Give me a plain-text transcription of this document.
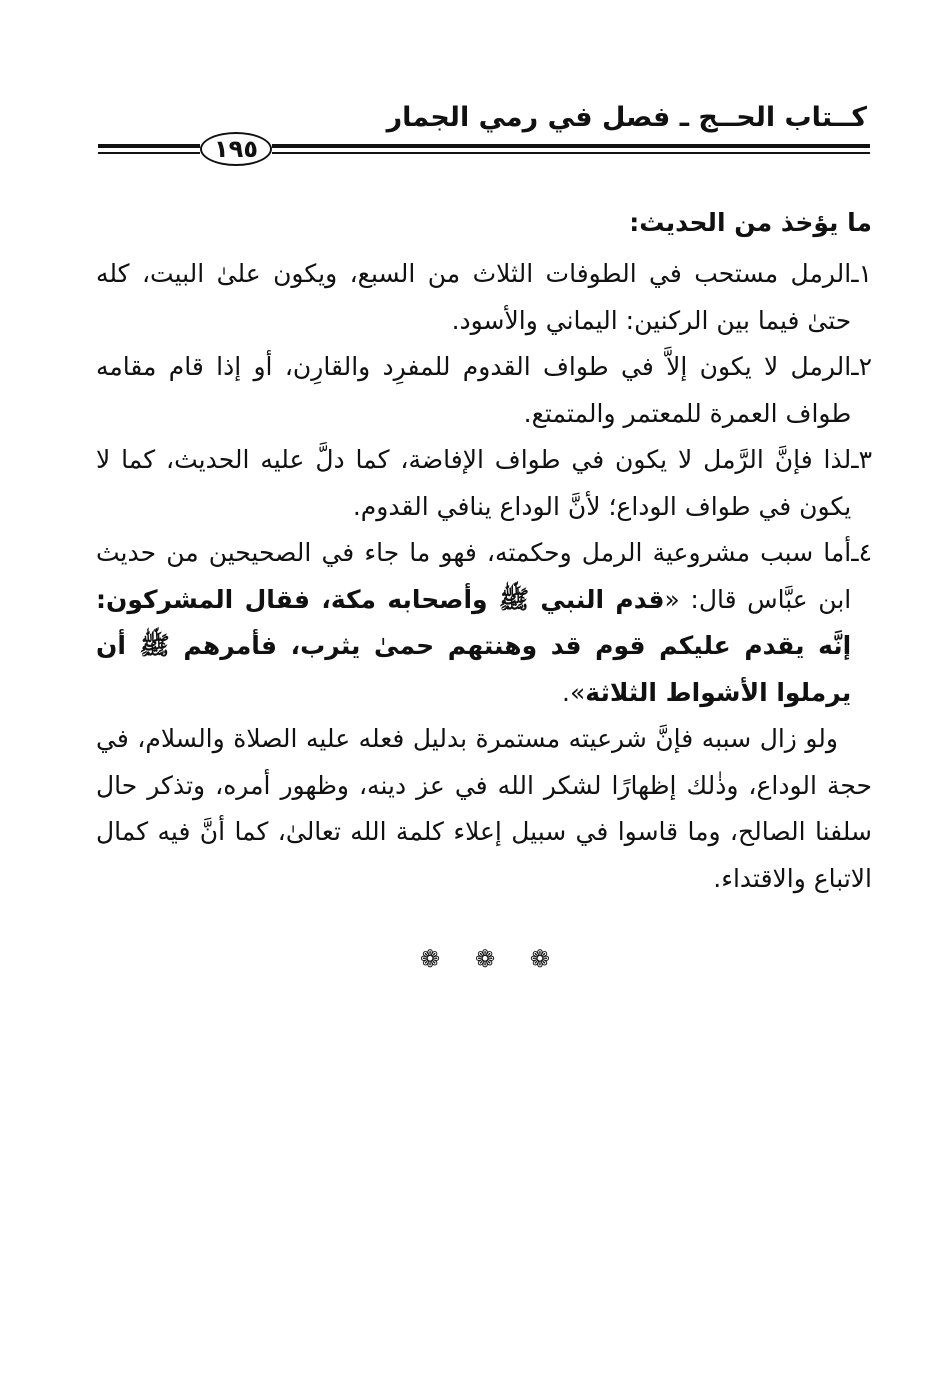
كــتاب الحــج ـ فصل في رمي الجمار
١٩٥
ما يؤخذ من الحديث:
١ـ
الرمل مستحب في الطوفات الثلاث من السبع، ويكون علىٰ البيت، كله حتىٰ فيما بين الركنين: اليماني والأسود.
٢ـ
الرمل لا يكون إلاَّ في طواف القدوم للمفرِد والقارِن، أو إذا قام مقامه طواف العمرة للمعتمر والمتمتع.
٣ـ
لذا فإنَّ الرَّمل لا يكون في طواف الإفاضة، كما دلَّ عليه الحديث، كما لا يكون في طواف الوداع؛ لأنَّ الوداع ينافي القدوم.
٤ـ
أما سبب مشروعية الرمل وحكمته، فهو ما جاء في الصحيحين من حديث ابن عبَّاس قال: «قدم النبي ﷺ وأصحابه مكة، فقال المشركون: إنَّه يقدم عليكم قوم قد وهنتهم حمىٰ يثرب، فأمرهم ﷺ أن يرملوا الأشواط الثلاثة».

ولو زال سببه فإنَّ شرعيته مستمرة بدليل فعله عليه الصلاة والسلام، في حجة الوداع، وذٰلك إظهارًا لشكر الله في عز دينه، وظهور أمره، وتذكر حال سلفنا الصالح، وما قاسوا في سبيل إعلاء كلمة الله تعالىٰ، كما أنَّ فيه كمال الاتباع والاقتداء.

❁ ❁ ❁
